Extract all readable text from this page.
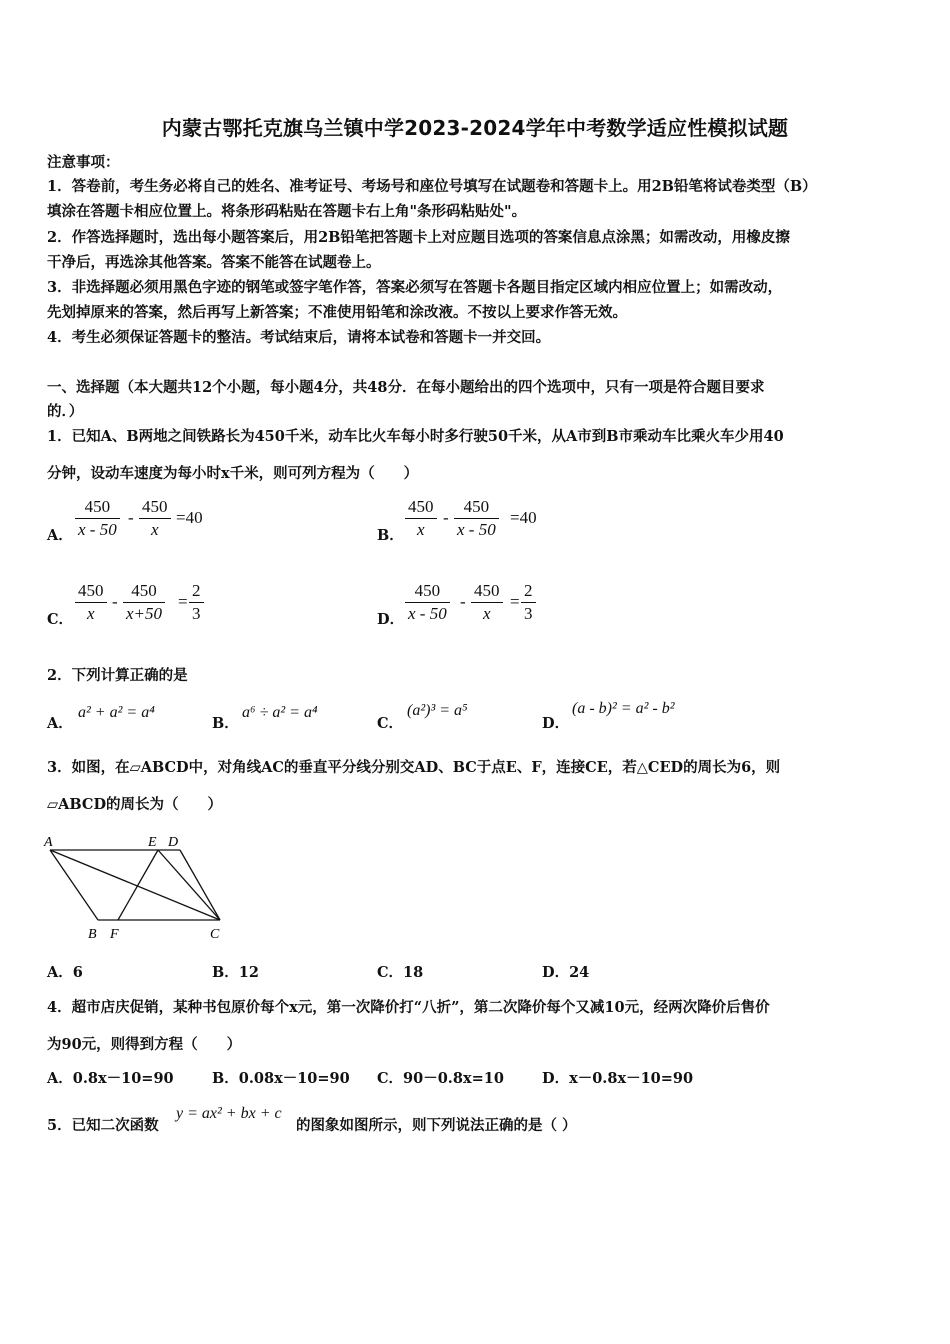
内蒙古鄂托克旗乌兰镇中学2023-2024学年中考数学适应性模拟试题
注意事项：
1．答卷前，考生务必将自己的姓名、准考证号、考场号和座位号填写在试题卷和答题卡上。用2B铅笔将试卷类型（B）
填涂在答题卡相应位置上。将条形码粘贴在答题卡右上角"条形码粘贴处"。
2．作答选择题时，选出每小题答案后，用2B铅笔把答题卡上对应题目选项的答案信息点涂黑；如需改动，用橡皮擦
干净后，再选涂其他答案。答案不能答在试题卷上。
3．非选择题必须用黑色字迹的钢笔或签字笔作答，答案必须写在答题卡各题目指定区域内相应位置上；如需改动，
先划掉原来的答案，然后再写上新答案；不准使用铅笔和涂改液。不按以上要求作答无效。
4．考生必须保证答题卡的整洁。考试结束后，请将本试卷和答题卡一并交回。
一、选择题（本大题共12个小题，每小题4分，共48分．在每小题给出的四个选项中，只有一项是符合题目要求
的．）
1．已知A、B两地之间铁路长为450千米，动车比火车每小时多行驶50千米，从A市到B市乘动车比乘火车少用40
分钟，设动车速度为每小时x千米，则可列方程为（　　）
A． $\frac{450}{x - 50} - \frac{450}{x} =40$
B． $\frac{450}{x} - \frac{450}{x - 50} =40$
C． $\frac{450}{x} - \frac{450}{x+50} = \frac{2}{3}$	D． $\frac{450}{x - 50} - \frac{450}{x} = \frac{2}{3}$
2．下列计算正确的是
A．
a² + a² = a⁴
B．
a⁶ ÷ a² = a⁴
C．
(a²)³ = a⁵
D．
(a - b)² = a² - b²
3．如图，在▱ABCD中，对角线AC的垂直平分线分别交AD、BC于点E、F，连接CE，若△CED的周长为6，则
▱ABCD的周长为（　　）
A	E D
B F	C
A．6	B．12	C．18	D．24
4．超市店庆促销，某种书包原价每个x元，第一次降价打“八折”，第二次降价每个又减10元，经两次降价后售价
为90元，则得到方程（　　）
A．0.8x－10=90	B．0.08x－10=90 C．90－0.8x=10	D．x－0.8x－10=90
5．已知二次函数
y = ax² + bx + c
的图象如图所示，则下列说法正确的是（ ）
